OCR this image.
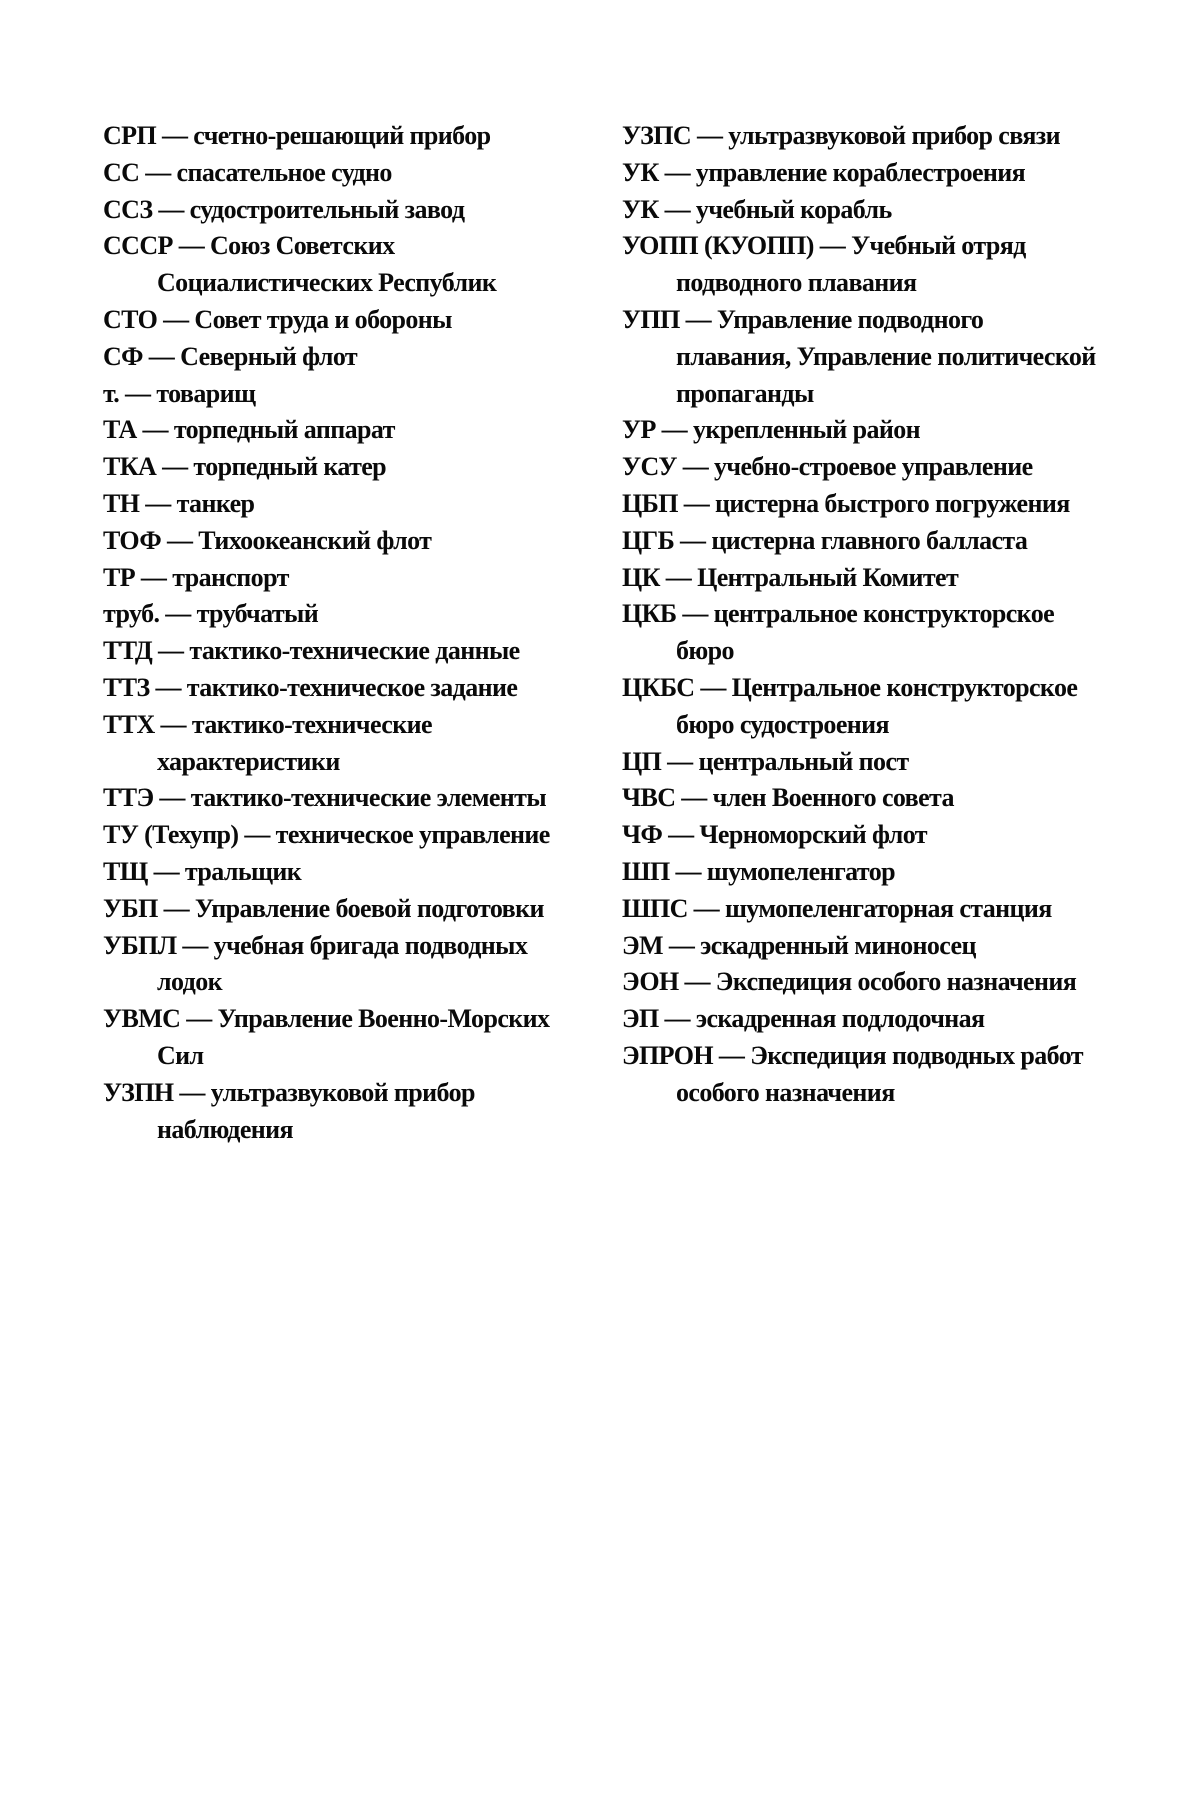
СРП — счетно-решающий прибор
СС — спасательное судно
ССЗ — судостроительный завод
СССР — Союз Советских Социалистических Республик
СТО — Совет труда и обороны
СФ — Северный флот
т. — товарищ
ТА — торпедный аппарат
ТКА — торпедный катер
ТН — танкер
ТОФ — Тихоокеанский флот
ТР — транспорт
труб. — трубчатый
ТТД — тактико-технические данные
ТТЗ — тактико-техническое задание
ТТХ — тактико-технические характеристики
ТТЭ — тактико-технические элементы
ТУ (Техупр) — техническое управление
ТЩ — тральщик
УБП — Управление боевой подготовки
УБПЛ — учебная бригада подводных лодок
УВМС — Управление Военно-Морских Сил
УЗПН — ультразвуковой прибор наблюдения
УЗПС — ультразвуковой прибор связи
УК — управление кораблестроения
УК — учебный корабль
УОПП (КУОПП) — Учебный отряд подводного плавания
УПП — Управление подводного плавания, Управление политической пропаганды
УР — укрепленный район
УСУ — учебно-строевое управление
ЦБП — цистерна быстрого погружения
ЦГБ — цистерна главного балласта
ЦК — Центральный Комитет
ЦКБ — центральное конструкторское бюро
ЦКБС — Центральное конструкторское бюро судостроения
ЦП — центральный пост
ЧВС — член Военного совета
ЧФ — Черноморский флот
ШП — шумопеленгатор
ШПС — шумопеленгаторная станция
ЭМ — эскадренный миноносец
ЭОН — Экспедиция особого назначения
ЭП — эскадренная подлодочная
ЭПРОН — Экспедиция подводных работ особого назначения
